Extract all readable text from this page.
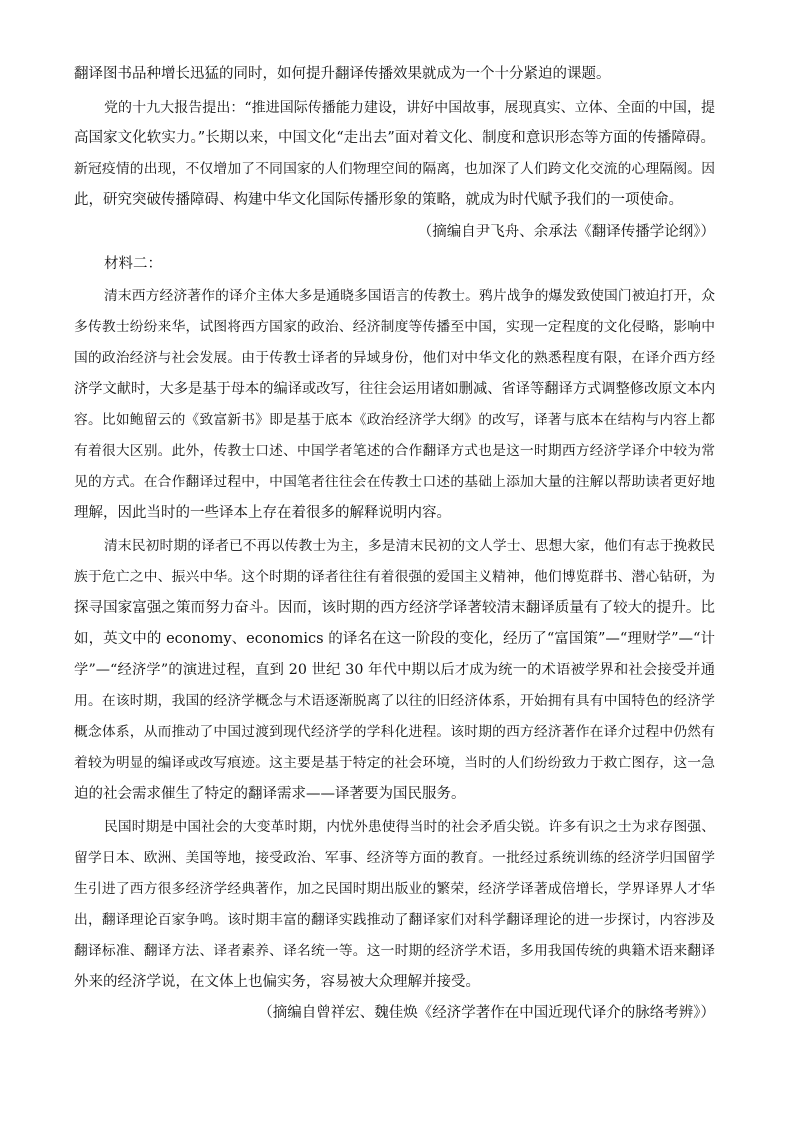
翻译图书品种增长迅猛的同时，如何提升翻译传播效果就成为一个十分紧迫的课题。
党的十九大报告提出：“推进国际传播能力建设，讲好中国故事，展现真实、立体、全面的中国，提
高国家文化软实力。”长期以来，中国文化“走出去”面对着文化、制度和意识形态等方面的传播障碍。
新冠疫情的出现，不仅增加了不同国家的人们物理空间的隔离，也加深了人们跨文化交流的心理隔阂。因
此，研究突破传播障碍、构建中华文化国际传播形象的策略，就成为时代赋予我们的一项使命。
（摘编自尹飞舟、余承法《翻译传播学论纲》）
材料二：
清末西方经济著作的译介主体大多是通晓多国语言的传教士。鸦片战争的爆发致使国门被迫打开，众
多传教士纷纷来华，试图将西方国家的政治、经济制度等传播至中国，实现一定程度的文化侵略，影响中
国的政治经济与社会发展。由于传教士译者的异域身份，他们对中华文化的熟悉程度有限，在译介西方经
济学文献时，大多是基于母本的编译或改写，往往会运用诸如删减、省译等翻译方式调整修改原文本内
容。比如鲍留云的《致富新书》即是基于底本《政治经济学大纲》的改写，译著与底本在结构与内容上都
有着很大区别。此外，传教士口述、中国学者笔述的合作翻译方式也是这一时期西方经济学译介中较为常
见的方式。在合作翻译过程中，中国笔者往往会在传教士口述的基础上添加大量的注解以帮助读者更好地
理解，因此当时的一些译本上存在着很多的解释说明内容。
清末民初时期的译者已不再以传教士为主，多是清末民初的文人学士、思想大家，他们有志于挽救民
族于危亡之中、振兴中华。这个时期的译者往往有着很强的爱国主义精神，他们博览群书、潜心钻研，为
探寻国家富强之策而努力奋斗。因而，该时期的西方经济学译著较清末翻译质量有了较大的提升。比
如，英文中的 economy、economics 的译名在这一阶段的变化，经历了“富国策”—“理财学”—“计
学”—“经济学”的演进过程，直到 20 世纪 30 年代中期以后才成为统一的术语被学界和社会接受并通
用。在该时期，我国的经济学概念与术语逐渐脱离了以往的旧经济体系，开始拥有具有中国特色的经济学
概念体系，从而推动了中国过渡到现代经济学的学科化进程。该时期的西方经济著作在译介过程中仍然有
着较为明显的编译或改写痕迹。这主要是基于特定的社会环境，当时的人们纷纷致力于救亡图存，这一急
迫的社会需求催生了特定的翻译需求——译著要为国民服务。
民国时期是中国社会的大变革时期，内忧外患使得当时的社会矛盾尖锐。许多有识之士为求存图强、
留学日本、欧洲、美国等地，接受政治、军事、经济等方面的教育。一批经过系统训练的经济学归国留学
生引进了西方很多经济学经典著作，加之民国时期出版业的繁荣，经济学译著成倍增长，学界译界人才华
出，翻译理论百家争鸣。该时期丰富的翻译实践推动了翻译家们对科学翻译理论的进一步探讨，内容涉及
翻译标准、翻译方法、译者素养、译名统一等。这一时期的经济学术语，多用我国传统的典籍术语来翻译
外来的经济学说，在文体上也偏实务，容易被大众理解并接受。
（摘编自曾祥宏、魏佳焕《经济学著作在中国近现代译介的脉络考辨》）
